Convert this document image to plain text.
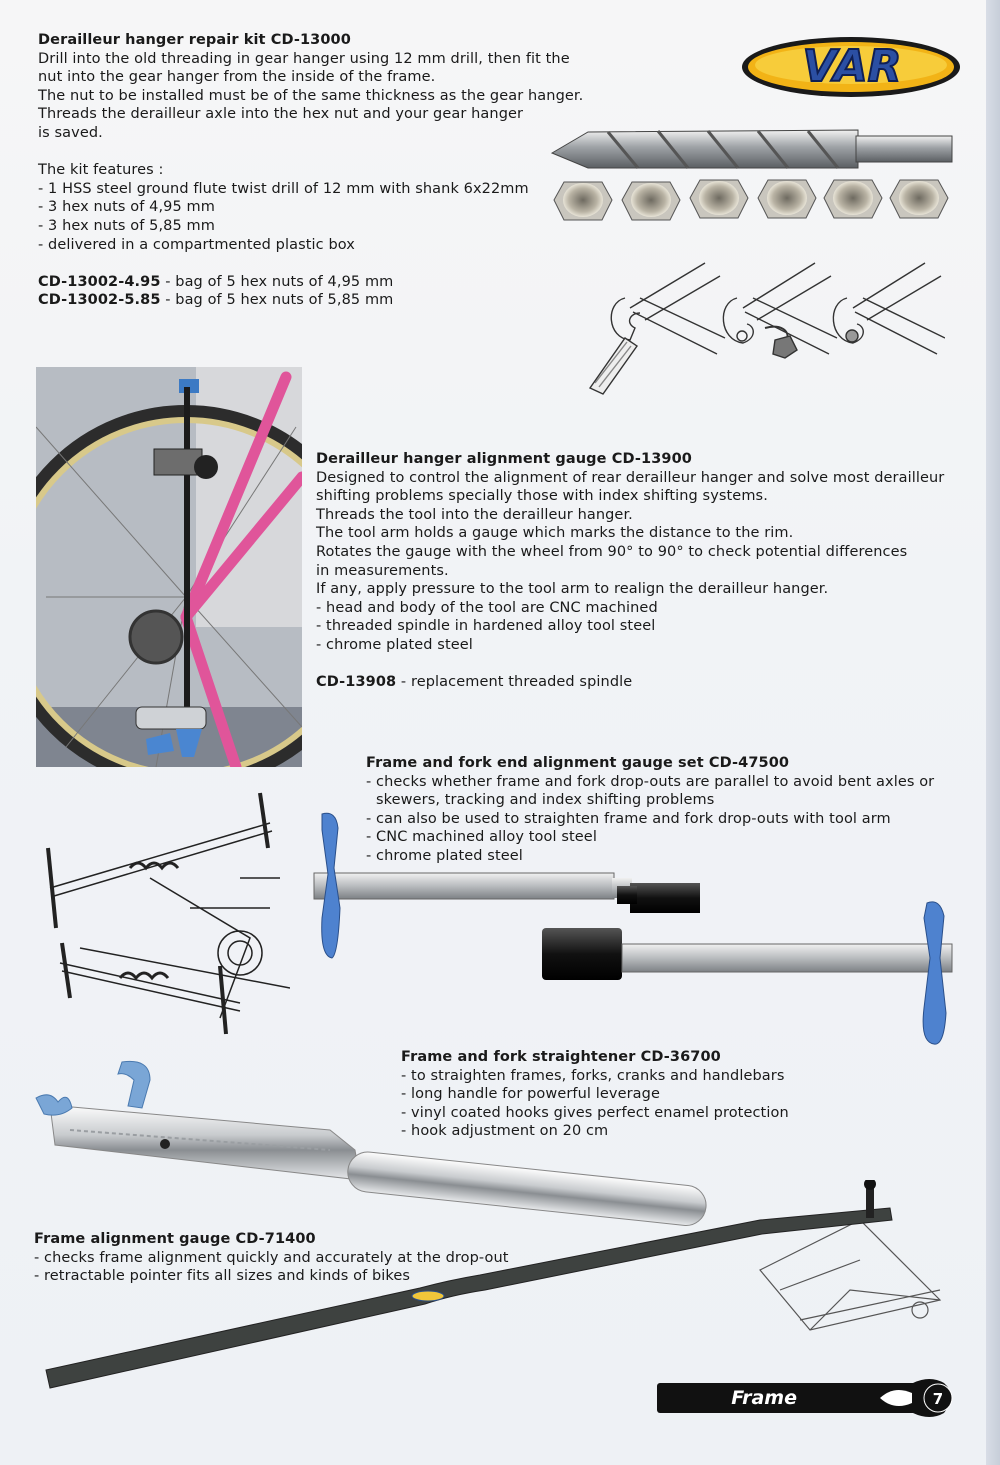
VAR
Derailleur hanger repair kit CD-13000
Drill into the old threading in gear hanger using 12 mm drill, then fit the
nut into the gear hanger from the inside of the frame.
The nut to be installed must be of the same thickness as the gear hanger.
Threads the derailleur axle into the hex nut and your gear hanger
is saved.
The kit features :
- 1 HSS steel ground flute twist drill of 12 mm with shank 6x22mm
- 3 hex nuts of 4,95 mm
- 3 hex nuts of 5,85 mm
- delivered in a compartmented plastic box
CD-13002-4.95 - bag of 5 hex nuts of 4,95 mm
CD-13002-5.85 - bag of 5 hex nuts of 5,85 mm
Derailleur hanger alignment gauge CD-13900
Designed to control the alignment of rear derailleur hanger and solve most derailleur
shifting problems specially those with index shifting systems.
Threads the tool into the derailleur hanger.
The tool arm holds a gauge which marks the distance to the rim.
Rotates the gauge with the wheel from 90° to 90° to check potential differences
in measurements.
If any, apply pressure to the tool arm to realign the derailleur hanger.
- head and body of the tool are CNC machined
- threaded spindle in hardened alloy tool steel
- chrome plated steel
CD-13908 - replacement threaded spindle
Frame and fork end alignment gauge set CD-47500
- checks whether frame and fork drop-outs are parallel to avoid bent axles or
skewers, tracking and index shifting problems
- can also be used to straighten frame and fork drop-outs with tool arm
- CNC machined alloy tool steel
- chrome plated steel
Frame and fork straightener CD-36700
- to straighten frames, forks, cranks and handlebars
- long handle for powerful leverage
- vinyl coated hooks gives perfect enamel protection
- hook adjustment on 20 cm
Frame alignment gauge CD-71400
- checks frame alignment quickly and accurately at the drop-out
- retractable pointer fits all sizes and kinds of bikes
Frame	7
